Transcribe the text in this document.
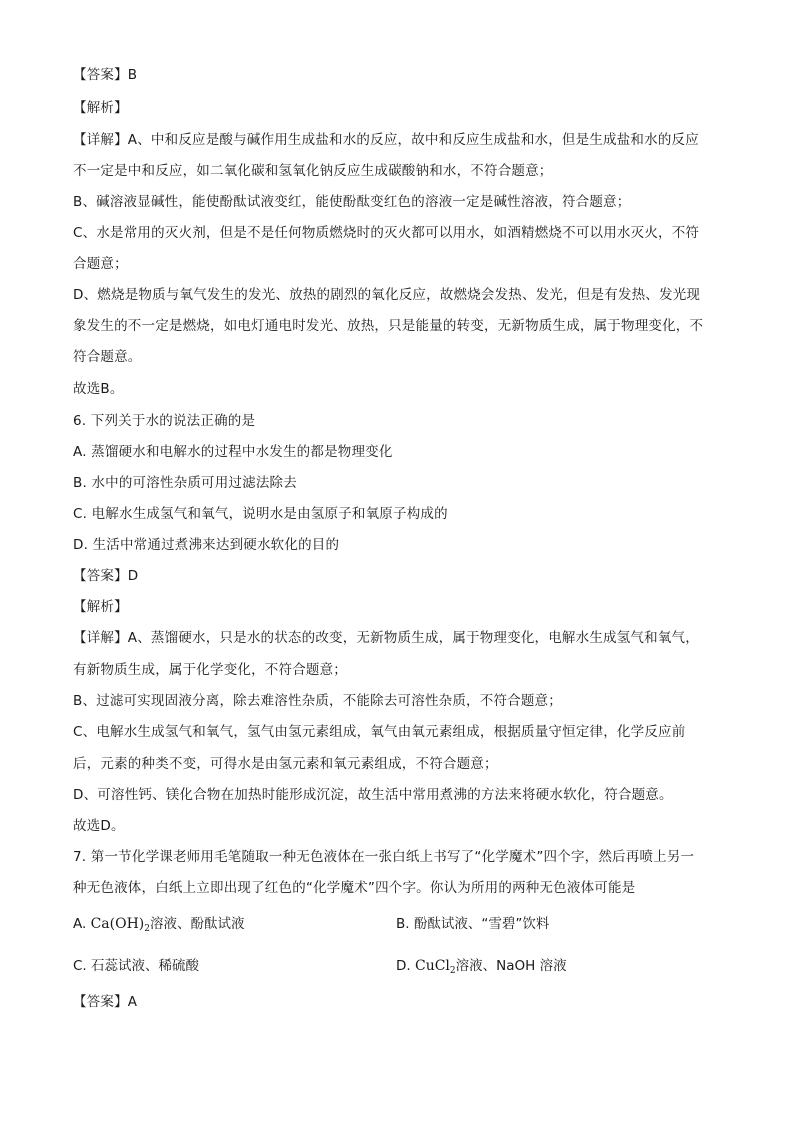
【答案】B
【解析】
【详解】A、中和反应是酸与碱作用生成盐和水的反应，故中和反应生成盐和水，但是生成盐和水的反应
不一定是中和反应，如二氧化碳和氢氧化钠反应生成碳酸钠和水，不符合题意；
B、碱溶液显碱性，能使酚酞试液变红，能使酚酞变红色的溶液一定是碱性溶液，符合题意；
C、水是常用的灭火剂，但是不是任何物质燃烧时的灭火都可以用水，如酒精燃烧不可以用水灭火，不符
合题意；
D、燃烧是物质与氧气发生的发光、放热的剧烈的氧化反应，故燃烧会发热、发光，但是有发热、发光现
象发生的不一定是燃烧，如电灯通电时发光、放热，只是能量的转变，无新物质生成，属于物理变化，不
符合题意。
故选B。
6. 下列关于水的说法正确的是
A. 蒸馏硬水和电解水的过程中水发生的都是物理变化
B. 水中的可溶性杂质可用过滤法除去
C. 电解水生成氢气和氧气，说明水是由氢原子和氧原子构成的
D. 生活中常通过煮沸来达到硬水软化的目的
【答案】D
【解析】
【详解】A、蒸馏硬水，只是水的状态的改变，无新物质生成，属于物理变化，电解水生成氢气和氧气，
有新物质生成，属于化学变化，不符合题意；
B、过滤可实现固液分离，除去难溶性杂质，不能除去可溶性杂质，不符合题意；
C、电解水生成氢气和氧气，氢气由氢元素组成，氧气由氧元素组成，根据质量守恒定律，化学反应前
后，元素的种类不变，可得水是由氢元素和氧元素组成，不符合题意；
D、可溶性钙、镁化合物在加热时能形成沉淀，故生活中常用煮沸的方法来将硬水软化，符合题意。
故选D。
7. 第一节化学课老师用毛笔随取一种无色液体在一张白纸上书写了“化学魔术”四个字，然后再喷上另一
种无色液体，白纸上立即出现了红色的“化学魔术”四个字。你认为所用的两种无色液体可能是
A. $Ca(OH)_2$溶液、酚酞试液	B. 酚酞试液、“雪碧”饮料
C. 石蕊试液、稀硫酸	D. CuCl$_2$溶液、NaOH 溶液
【答案】A
